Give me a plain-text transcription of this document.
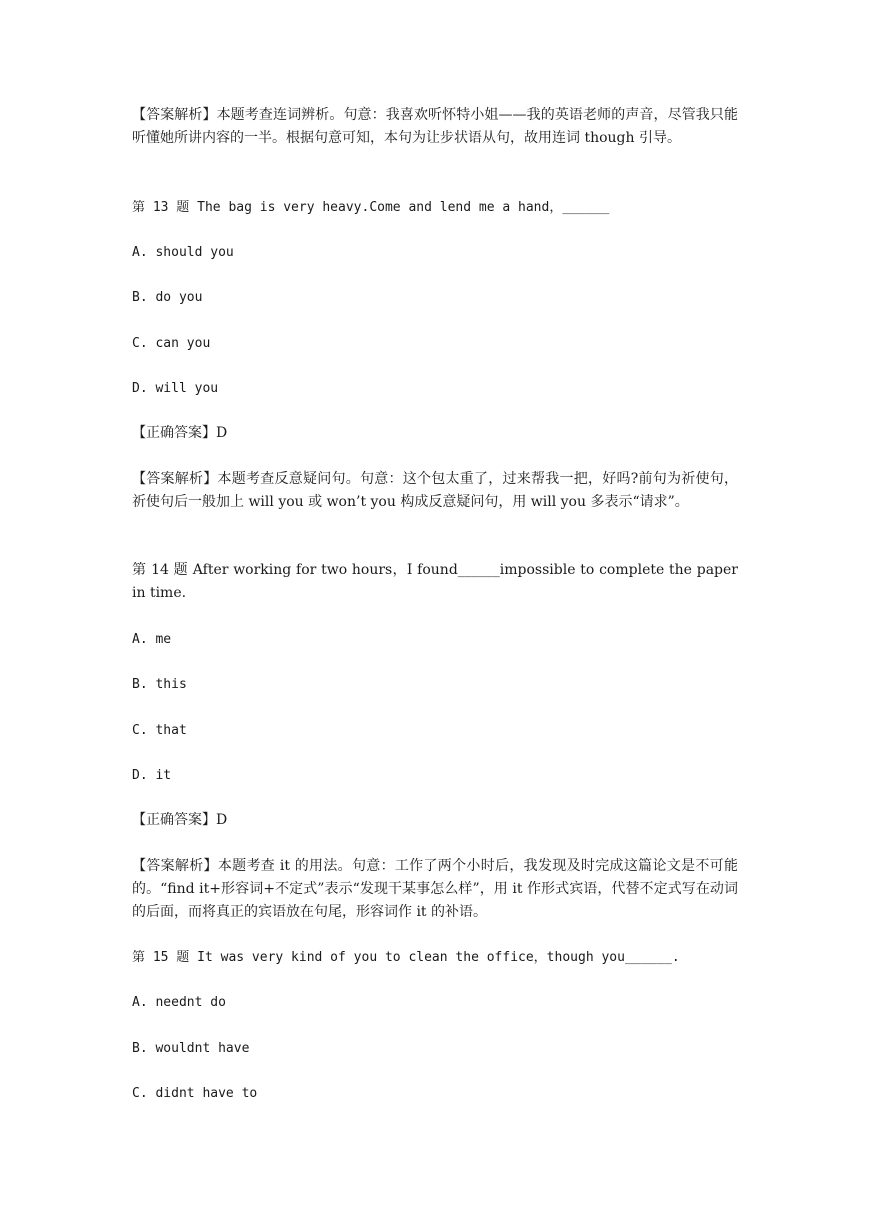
【答案解析】本题考查连词辨析。句意：我喜欢听怀特小姐——我的英语老师的声音，尽管我只能听懂她所讲内容的一半。根据句意可知，本句为让步状语从句，故用连词 though 引导。

第 13 题 The bag is very heavy.Come and lend me a hand，______

A. should you

B. do you

C. can you

D. will you

【正确答案】D

【答案解析】本题考查反意疑问句。句意：这个包太重了，过来帮我一把，好吗?前句为祈使句，祈使句后一般加上 will you 或 won’t you 构成反意疑问句，用 will you 多表示“请求”。

第 14 题 After working for two hours，I found______impossible to complete the paper in time.

A. me

B. this

C. that

D. it

【正确答案】D

【答案解析】本题考查 it 的用法。句意：工作了两个小时后，我发现及时完成这篇论文是不可能的。“find it+形容词+不定式”表示“发现干某事怎么样”，用 it 作形式宾语，代替不定式写在动词的后面，而将真正的宾语放在句尾，形容词作 it 的补语。

第 15 题 It was very kind of you to clean the office，though you______.

A. neednt do

B. wouldnt have

C. didnt have to
